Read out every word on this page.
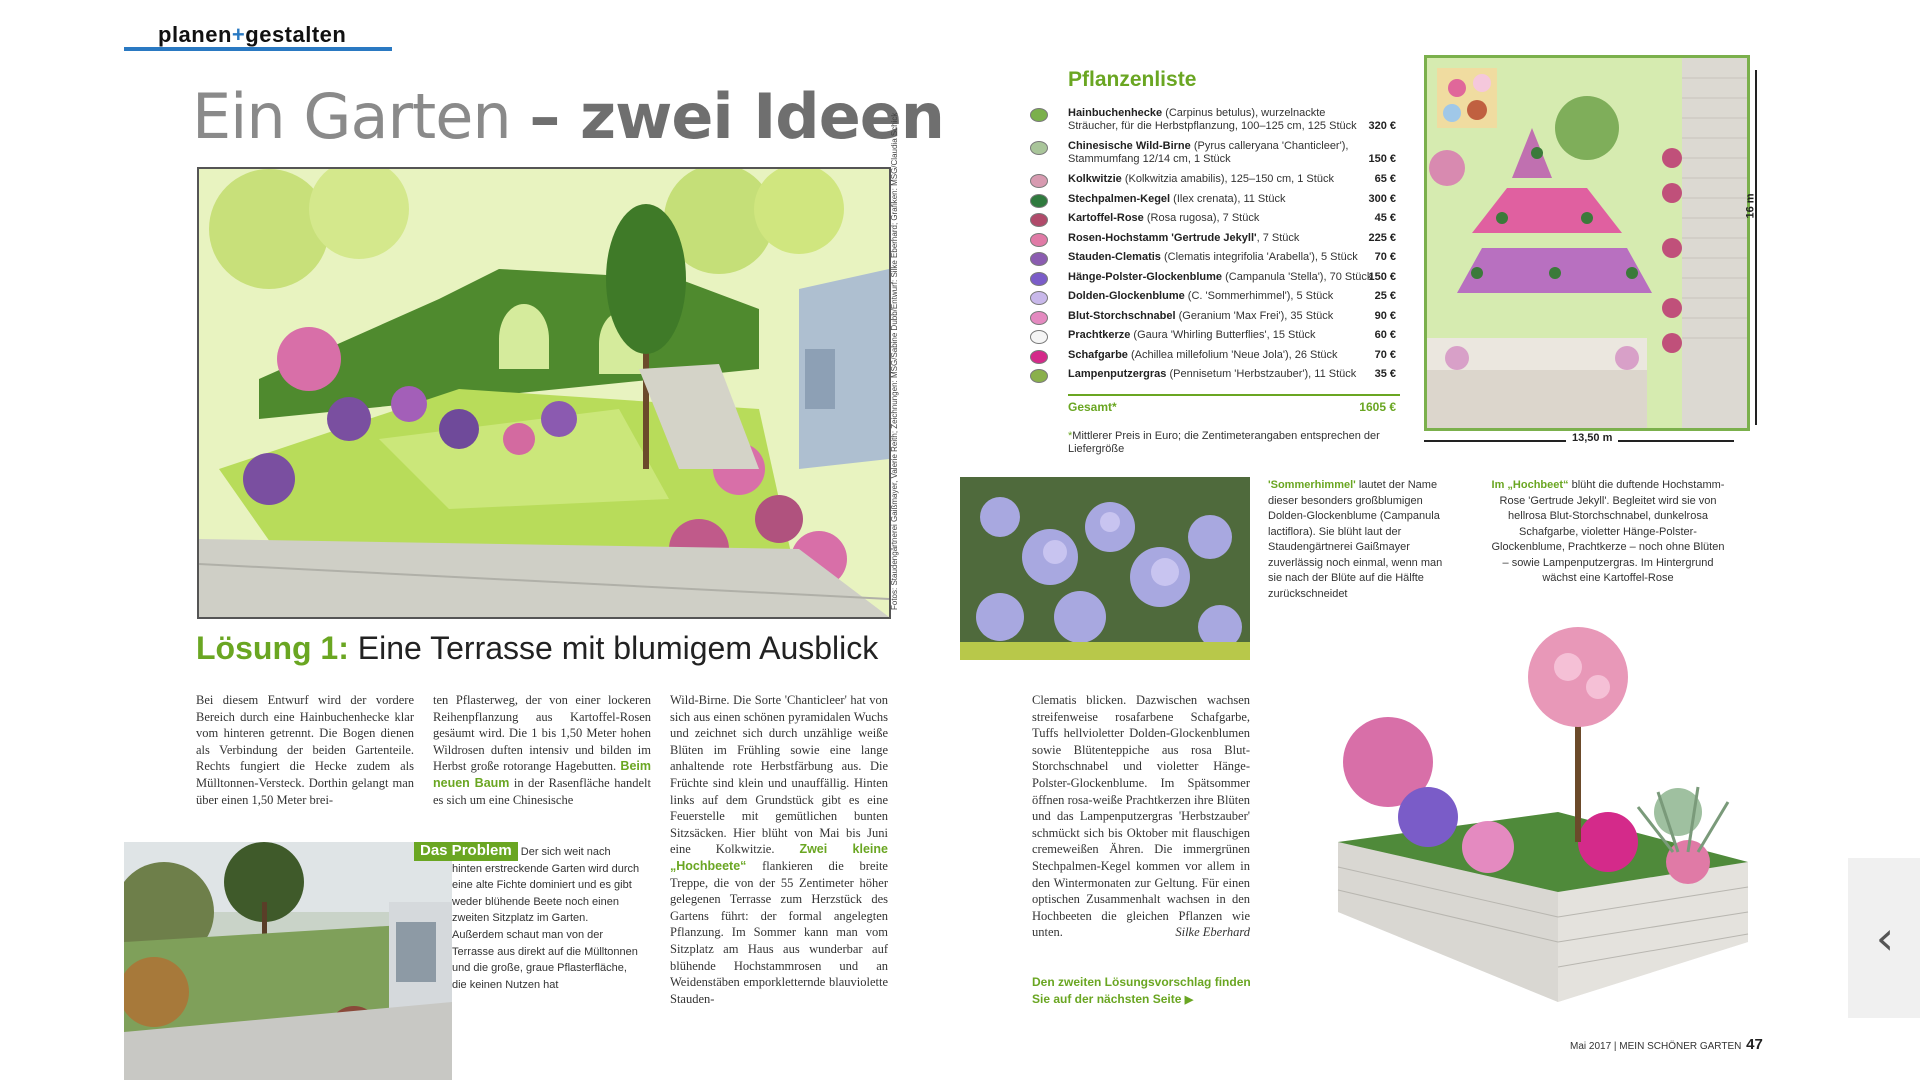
planen+gestalten
Ein Garten – zwei Ideen
Fotos: Staudengärtnerei Gaißmayer, Valerie Reith; Zeichnungen: MSG/Sabine Dubb/Entwurf: Silke Eberhard; Grafiken: MSG/Claudia Schick
Lösung 1: Eine Terrasse mit blumigem Ausblick

Bei diesem Entwurf wird der vordere Bereich durch eine Hainbuchenhecke klar vom hinteren getrennt. Die Bogen dienen als Verbindung der beiden Gartenteile. Rechts fungiert die Hecke zudem als Mülltonnen-Versteck. Dorthin gelangt man über einen 1,50 Meter brei-

ten Pflasterweg, der von einer lockeren Reihenpflanzung aus Kartoffel-Rosen gesäumt wird. Die 1 bis 1,50 Meter hohen Wildrosen duften intensiv und bilden im Herbst große rotorange Hagebutten. Beim neuen Baum in der Rasenfläche handelt es sich um eine Chinesische

Wild-Birne. Die Sorte 'Chanticleer' hat von sich aus einen schönen pyramidalen Wuchs und zeichnet sich durch unzählige weiße Blüten im Frühling sowie eine lange anhaltende rote Herbstfärbung aus. Die Früchte sind klein und unauffällig. Hinten links auf dem Grundstück gibt es eine Feuerstelle mit gemütlichen bunten Sitzsäcken. Hier blüht von Mai bis Juni eine Kolkwitzie. Zwei kleine „Hochbeete“ flankieren die breite Treppe, die von der 55 Zentimeter höher gelegenen Terrasse zum Herzstück des Gartens führt: der formal angelegten Pflanzung. Im Sommer kann man vom Sitzplatz am Haus aus wunderbar auf blühende Hochstammrosen und an Weidenstäben emporkletternde blauviolette Stauden-

Clematis blicken. Dazwischen wachsen streifenweise rosafarbene Schafgarbe, Tuffs hellvioletter Dolden-Glockenblumen sowie Blütenteppiche aus rosa Blut-Storchschnabel und violetter Hänge-Polster-Glockenblume. Im Spätsommer öffnen rosa-weiße Prachtkerzen ihre Blüten und das Lampenputzergras 'Herbstzauber' schmückt sich bis Oktober mit flauschigen cremeweißen Ähren. Die immergrünen Stechpalmen-Kegel kommen vor allem in den Wintermonaten zur Geltung. Für einen optischen Zusammenhalt wachsen in den Hochbeeten die gleichen Pflanzen wie unten.	Silke Eberhard

Das Problem Der sich weit nach hinten erstreckende Garten wird durch eine alte Fichte dominiert und es gibt weder blühende Beete noch einen zweiten Sitzplatz im Garten. Außerdem schaut man von der Terrasse aus direkt auf die Mülltonnen und die große, graue Pflasterfläche, die keinen Nutzen hat
Pflanzenliste
Hainbuchenhecke (Carpinus betulus), wurzelnackte
Sträucher, für die Herbstpflanzung, 100–125 cm, 125 Stück 320 €
Chinesische Wild-Birne (Pyrus calleryana 'Chanticleer'),
Stammumfang 12/14 cm, 1 Stück	150 €
Kolkwitzie (Kolkwitzia amabilis), 125–150 cm, 1 Stück	65 €
Stechpalmen-Kegel (Ilex crenata), 11 Stück	300 €
Kartoffel-Rose (Rosa rugosa), 7 Stück	45 €
Rosen-Hochstamm 'Gertrude Jekyll', 7 Stück	225 €
Stauden-Clematis (Clematis integrifolia 'Arabella'), 5 Stück 70 €
Hänge-Polster-Glockenblume (Campanula 'Stella'), 70 Stück
150 €
Dolden-Glockenblume (C. 'Sommerhimmel'), 5 Stück	25 €
Blut-Storchschnabel (Geranium 'Max Frei'), 35 Stück	90 €
Prachtkerze (Gaura 'Whirling Butterflies', 15 Stück	60 €
Schafgarbe (Achillea millefolium 'Neue Jola'), 26 Stück	70 €
Lampenputzergras (Pennisetum 'Herbstzauber'), 11 Stück 35 €
Gesamt*	1605 €
*Mittlerer Preis in Euro; die Zentimeterangaben entsprechen der Liefergröße
16 m
13,50 m
'Sommerhimmel' lautet der Name dieser besonders großblumigen Dolden-Glockenblume (Campanula lactiflora). Sie blüht laut der Staudengärtnerei Gaißmayer zuverlässig noch einmal, wenn man sie nach der Blüte auf die Hälfte zurückschneidet
Im „Hochbeet“ blüht die duftende Hochstamm-Rose 'Gertrude Jekyll'. Begleitet wird sie von hellrosa Blut-Storchschnabel, dunkelrosa Schafgarbe, violetter Hänge-Polster-Glockenblume, Prachtkerze – noch ohne Blüten – sowie Lampenputzergras. Im Hintergrund wächst eine Kartoffel-Rose
Den zweiten Lösungsvorschlag finden Sie auf der nächsten Seite ▶
Mai 2017 | MEIN SCHÖNER GARTEN 47
‹
